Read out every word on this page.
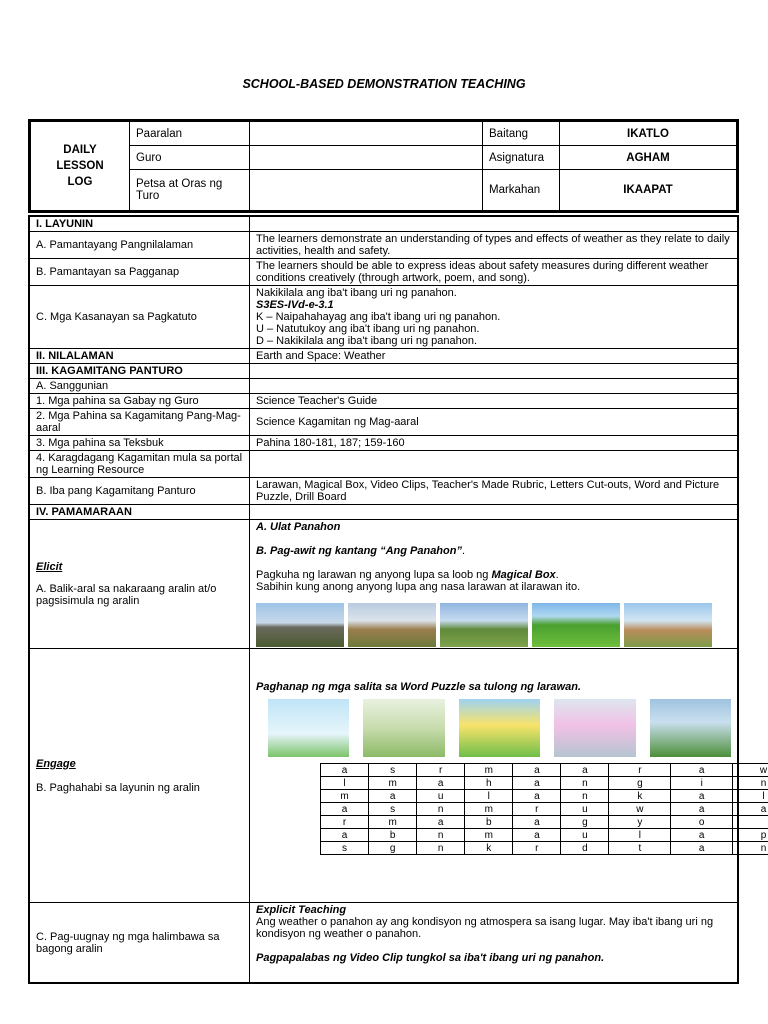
SCHOOL-BASED DEMONSTRATION TEACHING
DAILY
LESSON
LOG	Paaralan		Baitang	IKATLO
	Guro		Asignatura	AGHAM
	Petsa at Oras ng Turo		Markahan	IKAAPAT
I. LAYUNIN	
A. Pamantayang Pangnilalaman	The learners demonstrate an understanding of types and effects of weather as they relate to daily activities, health and safety.
B. Pamantayan sa Pagganap	The learners should be able to express ideas about safety measures during different weather conditions creatively (through artwork, poem, and song).
C. Mga Kasanayan sa Pagkatuto	
Nakikilala ang iba't ibang uri ng panahon.
S3ES-IVd-e-3.1
K – Naipahahayag ang iba't ibang uri ng panahon.
U – Natutukoy ang iba't ibang uri ng panahon.
D – Nakikilala ang iba't ibang uri ng panahon.

II. NILALAMAN	Earth and Space: Weather
III. KAGAMITANG PANTURO	
A. Sanggunian	
1. Mga pahina sa Gabay ng Guro	Science Teacher's Guide
2. Mga Pahina sa Kagamitang Pang-Mag-aaral	Science Kagamitan ng Mag-aaral
3. Mga pahina sa Teksbuk	Pahina 180-181, 187; 159-160
4. Karagdagang Kagamitan mula sa portal ng Learning Resource	
B. Iba pang Kagamitang Panturo	Larawan, Magical Box, Video Clips, Teacher's Made Rubric, Letters Cut-outs, Word and Picture Puzzle, Drill Board
IV. PAMAMARAAN	

Elicit
A. Balik-aral sa nakaraang aralin at/o pagsisimula ng aralin

A. Ulat Panahon
B. Pag-awit ng kantang “Ang Panahon”.
Pagkuha ng larawan ng anyong lupa sa loob ng Magical Box.
Sabihin kung anong anyong lupa ang nasa larawan at ilarawan ito.

Engage
B. Paghahabi sa layunin ng aralin

Paghanap ng mga salita sa Word Puzzle sa tulong ng larawan.
a	s	r	m	a	a	r	a	w
l	m	a	h	a	n	g	i	n
m	a	u	l	a	n	k	a	l
a	s	n	m	r	u	w	a	a
r	m	a	b	a	g	y	o	
a	b	n	m	a	u	l	a	p
s	g	n	k	r	d	t	a	n

C. Pag-uugnay ng mga halimbawa sa bagong aralin	
Explicit Teaching
Ang weather o panahon ay ang kondisyon ng atmospera sa isang lugar. May iba't ibang uri ng kondisyon ng weather o panahon.
Pagpapalabas ng Video Clip tungkol sa iba't ibang uri ng panahon.
